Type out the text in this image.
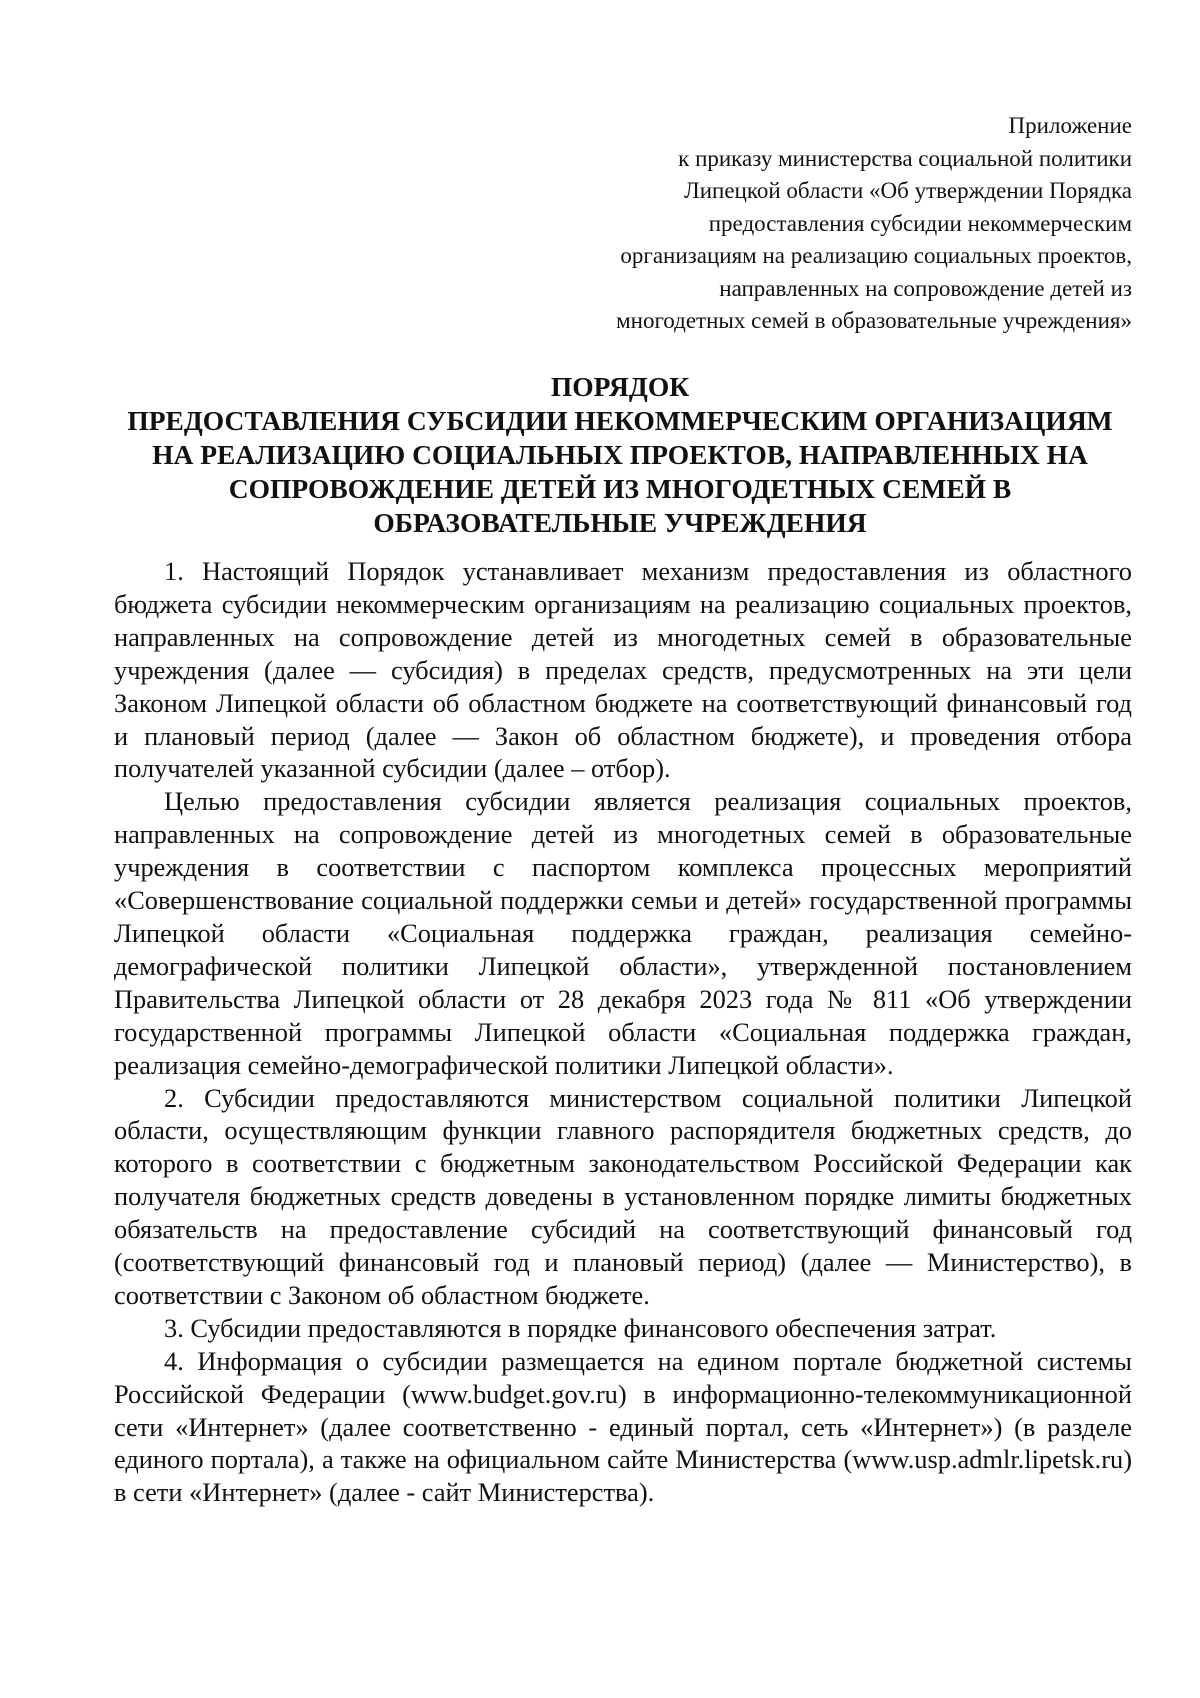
Приложение
к приказу министерства социальной политики
Липецкой области «Об утверждении Порядка
предоставления субсидии некоммерческим
организациям на реализацию социальных проектов,
направленных на сопровождение детей из
многодетных семей в образовательные учреждения»
ПОРЯДОК
ПРЕДОСТАВЛЕНИЯ СУБСИДИИ НЕКОММЕРЧЕСКИМ ОРГАНИЗАЦИЯМ
НА РЕАЛИЗАЦИЮ СОЦИАЛЬНЫХ ПРОЕКТОВ, НАПРАВЛЕННЫХ НА
СОПРОВОЖДЕНИЕ ДЕТЕЙ ИЗ МНОГОДЕТНЫХ СЕМЕЙ В
ОБРАЗОВАТЕЛЬНЫЕ УЧРЕЖДЕНИЯ

1. Настоящий Порядок устанавливает механизм предоставления из областного бюджета субсидии некоммерческим организациям на реализацию социальных проектов, направленных на сопровождение детей из многодетных семей в образовательные учреждения (далее — субсидия) в пределах средств, предусмотренных на эти цели Законом Липецкой области об областном бюджете на соответствующий финансовый год и плановый период (далее — Закон об областном бюджете), и проведения отбора получателей указанной субсидии (далее – отбор).

Целью предоставления субсидии является реализация социальных проектов, направленных на сопровождение детей из многодетных семей в образовательные учреждения в соответствии с паспортом комплекса процессных мероприятий «Совершенствование социальной поддержки семьи и детей» государственной программы Липецкой области «Социальная поддержка граждан, реализация семейно-демографической политики Липецкой области», утвержденной постановлением Правительства Липецкой области от 28 декабря 2023 года № 811 «Об утверждении государственной программы Липецкой области «Социальная поддержка граждан, реализация семейно-демографической политики Липецкой области».

2. Субсидии предоставляются министерством социальной политики Липецкой области, осуществляющим функции главного распорядителя бюджетных средств, до которого в соответствии с бюджетным законодательством Российской Федерации как получателя бюджетных средств доведены в установленном порядке лимиты бюджетных обязательств на предоставление субсидий на соответствующий финансовый год (соответствующий финансовый год и плановый период) (далее — Министерство), в соответствии с Законом об областном бюджете.

3. Субсидии предоставляются в порядке финансового обеспечения затрат.

4. Информация о субсидии размещается на едином портале бюджетной системы Российской Федерации (www.budget.gov.ru) в информационно-телекоммуникационной сети «Интернет» (далее соответственно - единый портал, сеть «Интернет») (в разделе единого портала), а также на официальном сайте Министерства (www.usp.admlr.lipetsk.ru) в сети «Интернет» (далее - сайт Министерства).
